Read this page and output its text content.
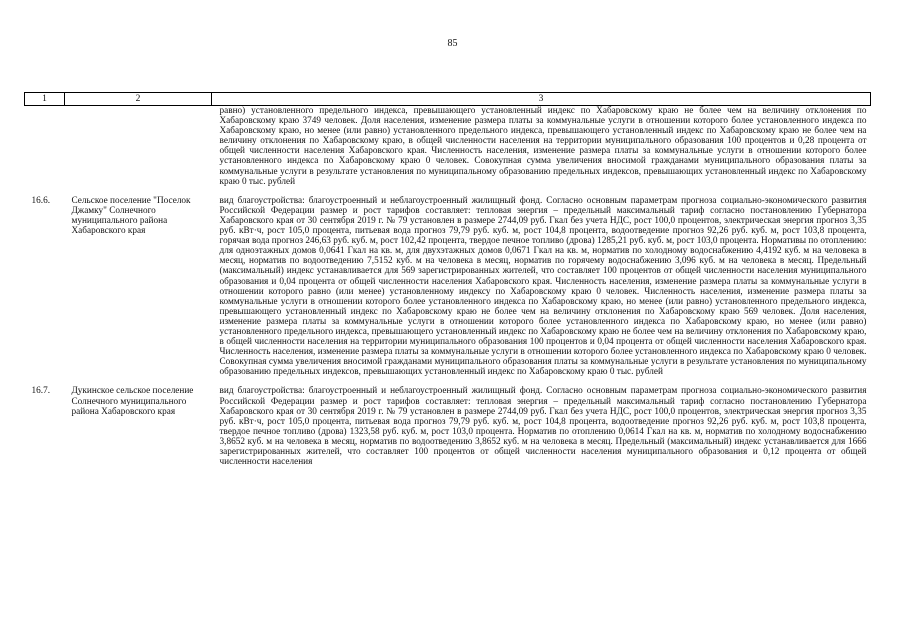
85
1	2	3
		равно) установленного предельного индекса, превышающего установленный индекс по Хабаровскому краю не более чем на величину отклонения по Хабаровскому краю 3749 человек. Доля населения, изменение размера платы за коммунальные услуги в отношении которого более установленного индекса по Хабаровскому краю, но менее (или равно) установленного предельного индекса, превышающего установленный индекс по Хабаровскому краю не более чем на величину отклонения по Хабаровскому краю, в общей численности населения на территории муниципального образования 100 процентов и 0,28 процента от общей численности населения Хабаровского края. Численность населения, изменение размера платы за коммунальные услуги в отношении которого более установленного индекса по Хабаровскому краю 0 человек. Совокупная сумма увеличения вносимой гражданами муниципального образования платы за коммунальные услуги в результате установления по муниципальному образованию предельных индексов, превышающих установленный индекс по Хабаровскому краю 0 тыс. рублей
16.6.	Сельское поселение "Поселок Джамку" Солнечного муниципального района Хабаровского края	вид благоустройства: благоустроенный и неблагоустроенный жилищный фонд. Согласно основным параметрам прогноза социально-экономического развития Российской Федерации размер и рост тарифов составляет: тепловая энергия – предельный максимальный тариф согласно постановлению Губернатора Хабаровского края от 30 сентября 2019 г. № 79 установлен в размере 2744,09 руб. Гкал без учета НДС, рост 100,0 процентов, электрическая энергия прогноз 3,35 руб. кВт·ч, рост 105,0 процента, питьевая вода прогноз 79,79 руб. куб. м, рост 104,8 процента, водоотведение прогноз 92,26 руб. куб. м, рост 103,8 процента, горячая вода прогноз 246,63 руб. куб. м, рост 102,42 процента, твердое печное топливо (дрова) 1285,21 руб. куб. м, рост 103,0 процента. Нормативы по отоплению: для одноэтажных домов 0,0641 Гкал на кв. м, для двухэтажных домов 0,0671 Гкал на кв. м, норматив по холодному водоснабжению 4,4192 куб. м на человека в месяц, норматив по водоотведению 7,5152 куб. м на человека в месяц, норматив по горячему водоснабжению 3,096 куб. м на человека в месяц. Предельный (максимальный) индекс устанавливается для 569 зарегистрированных жителей, что составляет 100 процентов от общей численности населения муниципального образования и 0,04 процента от общей численности населения Хабаровского края. Численность населения, изменение размера платы за коммунальные услуги в отношении которого равно (или менее) установленному индексу по Хабаровскому краю 0 человек. Численность населения, изменение размера платы за коммунальные услуги в отношении которого более установленного индекса по Хабаровскому краю, но менее (или равно) установленного предельного индекса, превышающего установленный индекс по Хабаровскому краю не более чем на величину отклонения по Хабаровскому краю 569 человек. Доля населения, изменение размера платы за коммунальные услуги в отношении которого более установленного индекса по Хабаровскому краю, но менее (или равно) установленного предельного индекса, превышающего установленный индекс по Хабаровскому краю не более чем на величину отклонения по Хабаровскому краю, в общей численности населения на территории муниципального образования 100 процентов и 0,04 процента от общей численности населения Хабаровского края. Численность населения, изменение размера платы за коммунальные услуги в отношении которого более установленного индекса по Хабаровскому краю 0 человек. Совокупная сумма увеличения вносимой гражданами муниципального образования платы за коммунальные услуги в результате установления по муниципальному образованию предельных индексов, превышающих установленный индекс по Хабаровскому краю 0 тыс. рублей
16.7.	Дукинское сельское поселение Солнечного муниципального района Хабаровского края	вид благоустройства: благоустроенный и неблагоустроенный жилищный фонд. Согласно основным параметрам прогноза социально-экономического развития Российской Федерации размер и рост тарифов составляет: тепловая энергия – предельный максимальный тариф согласно постановлению Губернатора Хабаровского края от 30 сентября 2019 г. № 79 установлен в размере 2744,09 руб. Гкал без учета НДС, рост 100,0 процентов, электрическая энергия прогноз 3,35 руб. кВт·ч, рост 105,0 процента, питьевая вода прогноз 79,79 руб. куб. м, рост 104,8 процента, водоотведение прогноз 92,26 руб. куб. м, рост 103,8 процента, твердое печное топливо (дрова) 1323,58 руб. куб. м, рост 103,0 процента. Норматив по отоплению 0,0614 Гкал на кв. м, норматив по холодному водоснабжению 3,8652 куб. м на человека в месяц, норматив по водоотведению 3,8652 куб. м на человека в месяц. Предельный (максимальный) индекс устанавливается для 1666 зарегистрированных жителей, что составляет 100 процентов от общей численности населения муниципального образования и 0,12 процента от общей численности населения
